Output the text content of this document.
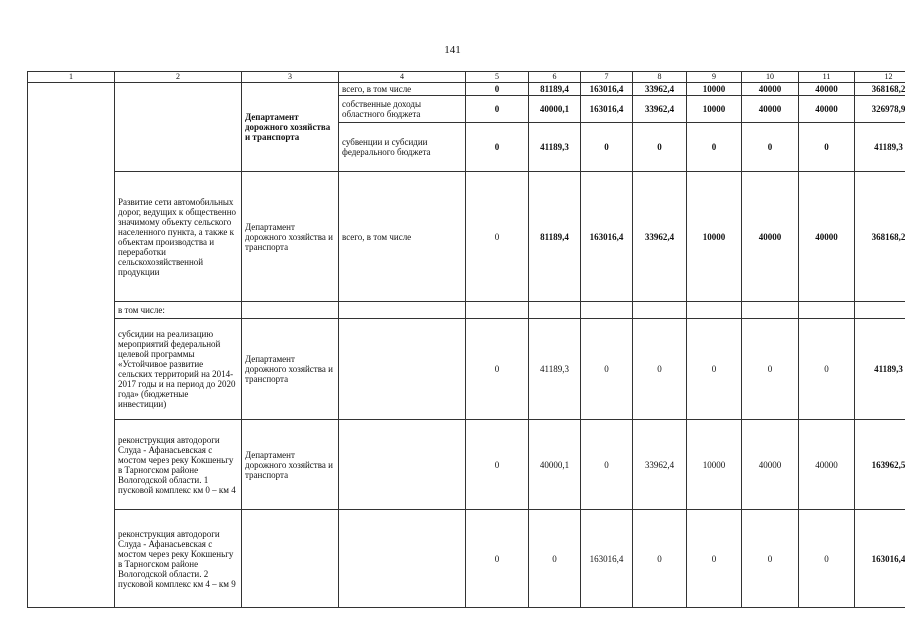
141
1	2	3	4	5	6	7	8	9	10	11	12
		Департамент дорожного хозяйства и транспорта	всего, в том числе	0	81189,4	163016,4	33962,4	10000	40000	40000	368168,2
			собственные доходы областного бюджета	0	40000,1	163016,4	33962,4	10000	40000	40000	326978,9
			субвенции и субсидии федерального бюджета	0	41189,3	0	0	0	0	0	41189,3
	Развитие сети автомобильных дорог, ведущих к общественно значимому объекту сельского населенного пункта, а также к объектам производства и переработки сельскохозяйственной продукции	Департамент дорожного хозяйства и транспорта	всего, в том числе	0	81189,4	163016,4	33962,4	10000	40000	40000	368168,2
	в том числе:										
	субсидии на реализацию мероприятий федеральной целевой программы «Устойчивое развитие сельских территорий на 2014-2017 годы и на период до 2020 года» (бюджетные инвестиции)	Департамент дорожного хозяйства и транспорта		0	41189,3	0	0	0	0	0	41189,3
	реконструкция автодороги Слуда - Афанасьевская с мостом через реку Кокшеньгу в Тарногском районе Вологодской области. 1 пусковой комплекс км 0 – км 4	Департамент дорожного хозяйства и транспорта		0	40000,1	0	33962,4	10000	40000	40000	163962,5
	реконструкция автодороги Слуда - Афанасьевская с мостом через реку Кокшеньгу в Тарногском районе Вологодской области. 2 пусковой комплекс км 4 – км 9			0	0	163016,4	0	0	0	0	163016,4
